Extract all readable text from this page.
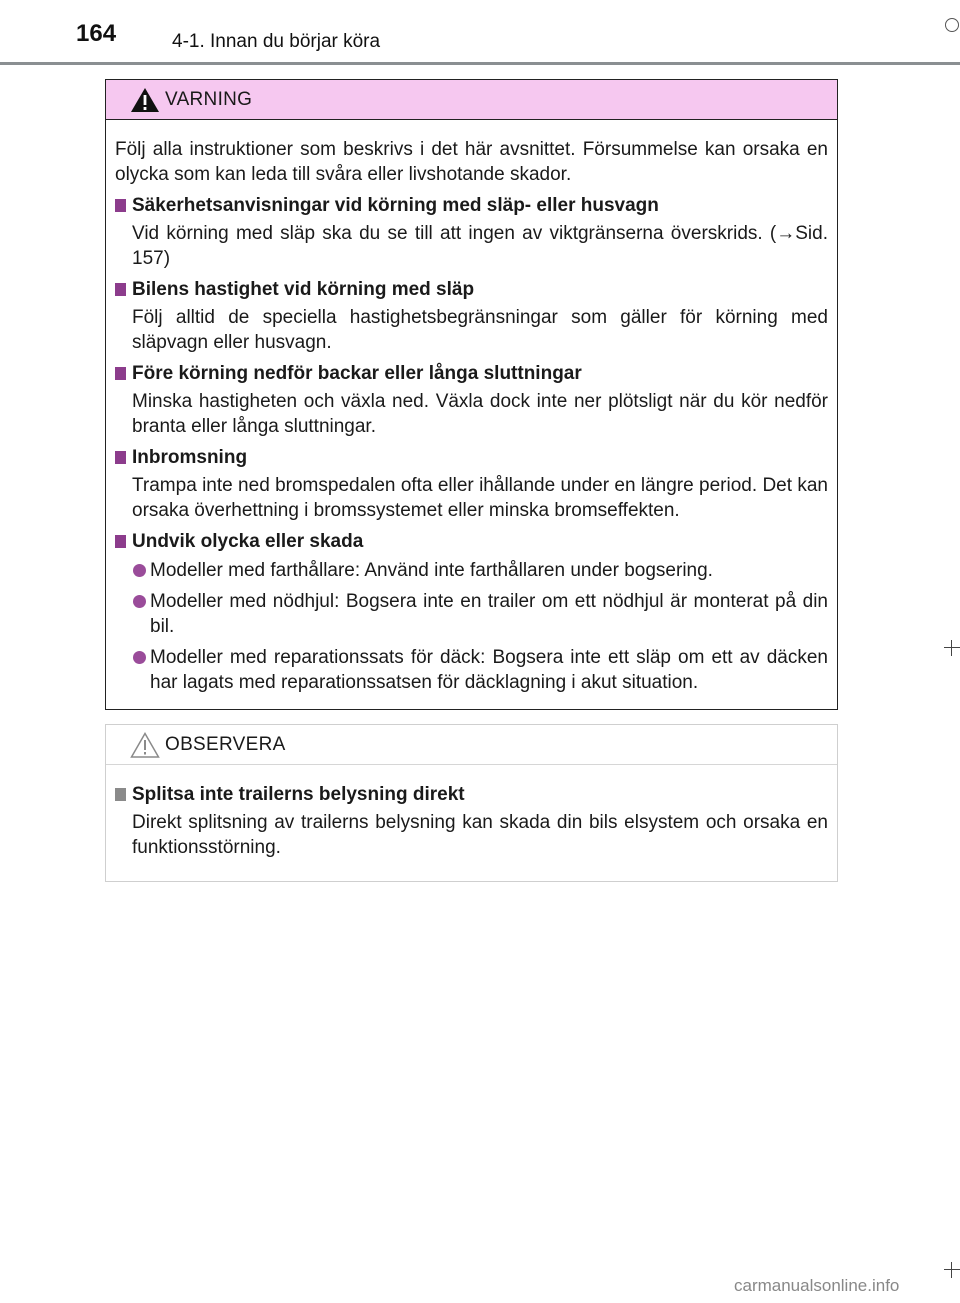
164	4-1. Innan du börjar köra
VARNING

Följ alla instruktioner som beskrivs i det här avsnittet. Försummelse kan orsaka en olycka som kan leda till svåra eller livshotande skador.

Säkerhetsanvisningar vid körning med släp- eller husvagn
Vid körning med släp ska du se till att ingen av viktgränserna överskrids. (→Sid. 157)
Bilens hastighet vid körning med släp
Följ alltid de speciella hastighetsbegränsningar som gäller för körning med släpvagn eller husvagn.
Före körning nedför backar eller långa sluttningar
Minska hastigheten och växla ned. Växla dock inte ner plötsligt när du kör nedför branta eller långa sluttningar.
Inbromsning
Trampa inte ned bromspedalen ofta eller ihållande under en längre period. Det kan orsaka överhettning i bromssystemet eller minska bromseffekten.
Undvik olycka eller skada
Modeller med farthållare: Använd inte farthållaren under bogsering.
Modeller med nödhjul: Bogsera inte en trailer om ett nödhjul är monterat på din bil.
Modeller med reparationssats för däck: Bogsera inte ett släp om ett av däcken har lagats med reparationssatsen för däcklagning i akut situation.
OBSERVERA
Splitsa inte trailerns belysning direkt
Direkt splitsning av trailerns belysning kan skada din bils elsystem och orsaka en funktionsstörning.
carmanualsonline.info
